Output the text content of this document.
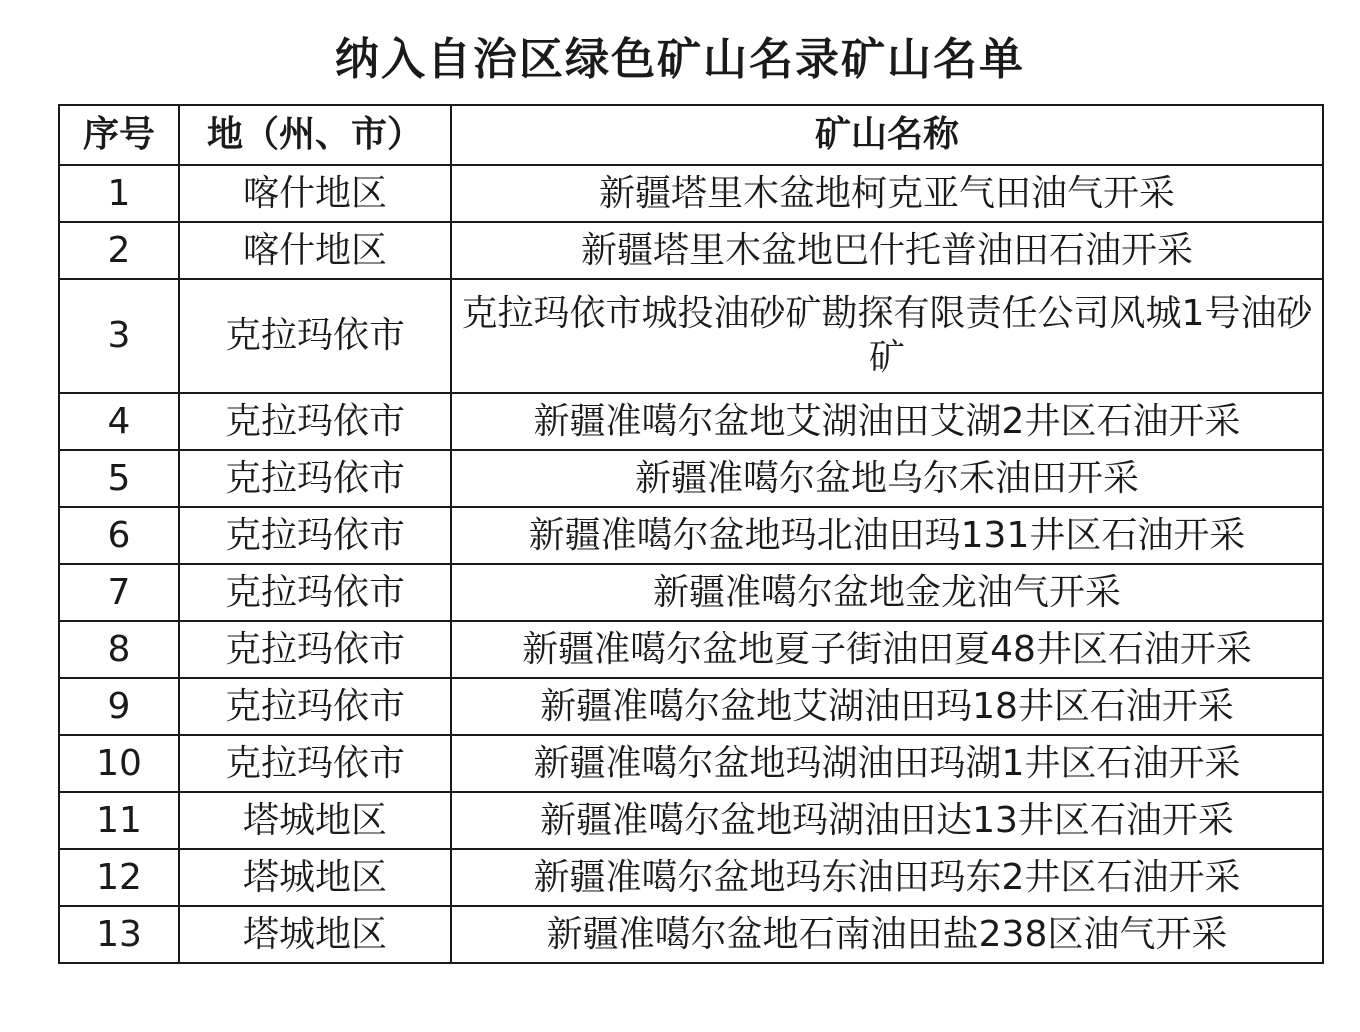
纳入自治区绿色矿山名录矿山名单
序号	地（州、市）	矿山名称
1	喀什地区	新疆塔里木盆地柯克亚气田油气开采
2	喀什地区	新疆塔里木盆地巴什托普油田石油开采
3	克拉玛依市	克拉玛依市城投油砂矿勘探有限责任公司风城1号油砂矿
4	克拉玛依市	新疆准噶尔盆地艾湖油田艾湖2井区石油开采
5	克拉玛依市	新疆准噶尔盆地乌尔禾油田开采
6	克拉玛依市	新疆准噶尔盆地玛北油田玛131井区石油开采
7	克拉玛依市	新疆准噶尔盆地金龙油气开采
8	克拉玛依市	新疆准噶尔盆地夏子街油田夏48井区石油开采
9	克拉玛依市	新疆准噶尔盆地艾湖油田玛18井区石油开采
10	克拉玛依市	新疆准噶尔盆地玛湖油田玛湖1井区石油开采
11	塔城地区	新疆准噶尔盆地玛湖油田达13井区石油开采
12	塔城地区	新疆准噶尔盆地玛东油田玛东2井区石油开采
13	塔城地区	新疆准噶尔盆地石南油田盐238区油气开采
